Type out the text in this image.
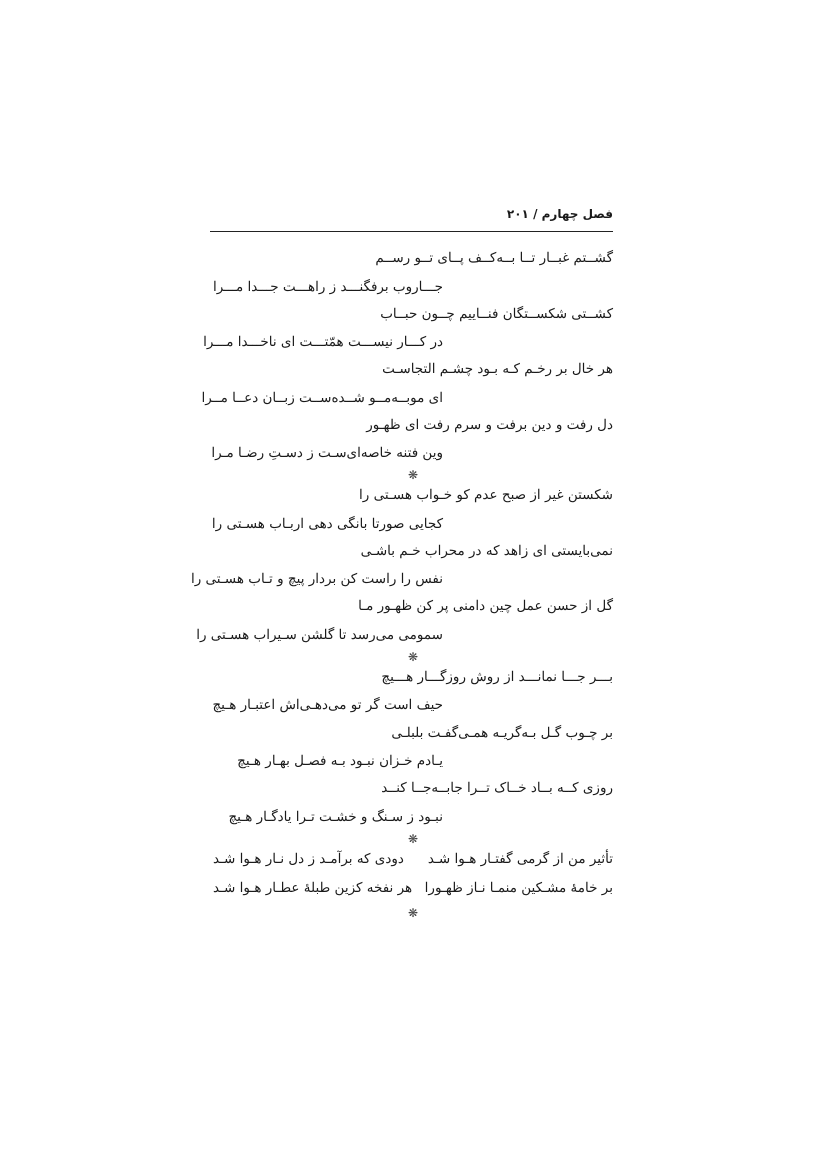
فصل چهارم / ۲۰۱
گشــتم غبــار تــا بــه‌کــف پــای تــو رســم
جـــاروب برفگنـــد ز راهـــت جـــدا مـــرا
کشــتی شکســتگان فنــاییم چــون حبــاب
در کـــار نیســـت همّتـــت ای ناخـــدا مـــرا
هر خال بر رخـم کـه بـود چشـم التجاسـت
ای موبــه‌مــو شــده‌ســت زبــان دعــا مــرا
دل رفت و دین برفت و سرم رفت ای ظهـور
وین فتنه خاصه‌ای‌سـت ز دسـتِ رضـا مـرا
❋
شکستن غیر از صبح عدم کو خـواب هسـتی را
کجایی صورتا بانگی دهی اربـاب هسـتی را
نمی‌بایستی ای زاهد که در محراب خـم باشـی
نفس را راست کن بردار پیچ و تـاب هسـتی را
گل از حسن عمل چین دامنی پر کن ظهـور مـا
سمومی می‌رسد تا گلشن سـیراب هسـتی را
❋
بـــر جـــا نمانـــد از روش روزگـــار هـــیچ
حیف است گر تو می‌دهـی‌اش اعتبـار هـیچ
بر چـوب گـل بـه‌گریـه همـی‌گفـت بلبلـی
یـادم خـزان نبـود بـه فصـل بهـار هـیچ
روزی کــه بــاد خــاک تــرا جابــه‌جــا کنــد
نبـود ز سـنگ و خشـت تـرا یادگـار هـیچ
❋
تأثیر من از گرمی گفتـار هـوا شـد
دودی که برآمـد ز دل نـار هـوا شـد
بر خامهٔ مشـکین منمـا نـاز ظهـورا
هر نفخه کزین طبلهٔ عطـار هـوا شـد
❋
